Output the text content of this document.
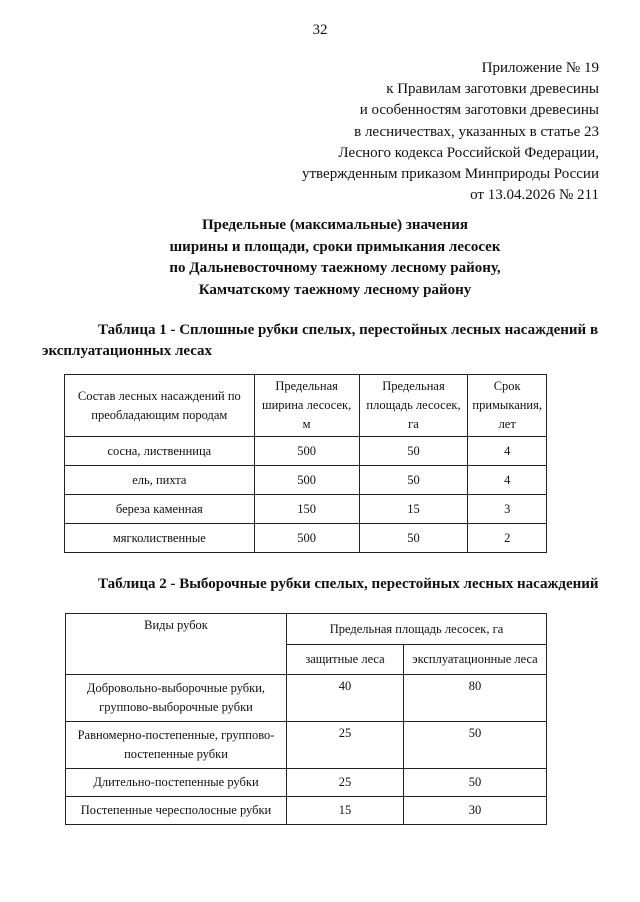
32
Приложение № 19
к Правилам заготовки древесины
и особенностям заготовки древесины
в лесничествах, указанных в статье 23
Лесного кодекса Российской Федерации,
утвержденным приказом Минприроды России
от 13.04.2026 № 211
Предельные (максимальные) значения
ширины и площади, сроки примыкания лесосек
по Дальневосточному таежному лесному району,
Камчатскому таежному лесному району
Таблица 1 - Сплошные рубки спелых, перестойных лесных насаждений в эксплуатационных лесах
Состав лесных насаждений по преобладающим породам	Предельная ширина лесосек, м	Предельная площадь лесосек, га	Срок примыкания, лет
сосна, лиственница	500	50	4
ель, пихта	500	50	4
береза каменная	150	15	3
мягколиственные	500	50	2
Таблица 2 - Выборочные рубки спелых, перестойных лесных насаждений
Виды рубок	Предельная площадь лесосек, га	
	защитные леса	эксплуатационные леса
Добровольно-выборочные рубки, группово-выборочные рубки	40	80
Равномерно-постепенные, группово-постепенные рубки	25	50
Длительно-постепенные рубки	25	50
Постепенные чересполосные рубки	15	30
